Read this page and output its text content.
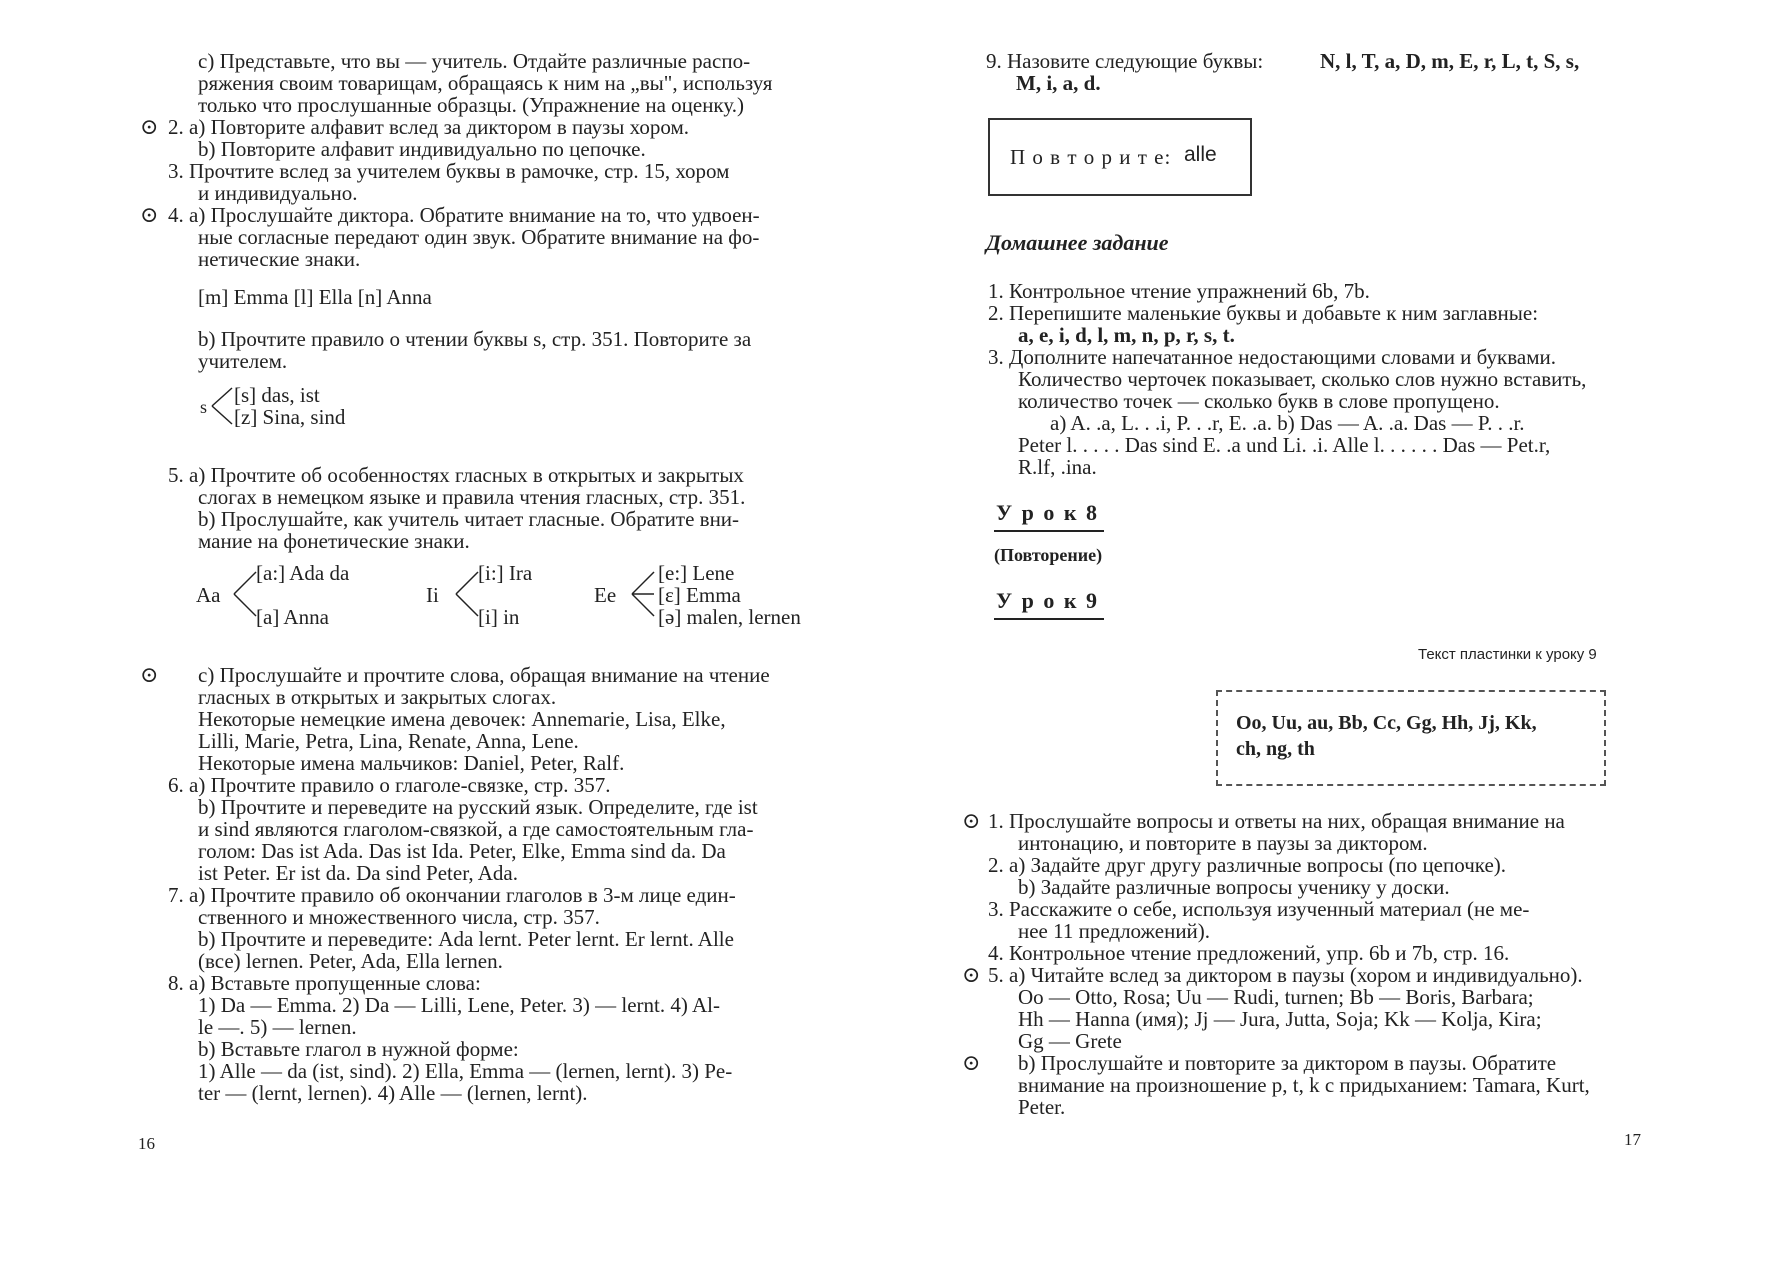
c) Представьте, что вы — учитель. Отдайте различные распо-
ряжения своим товарищам, обращаясь к ним на „вы", используя
только что прослушанные образцы. (Упражнение на оценку.)
⊙ 2. a) Повторите алфавит вслед за диктором в паузы хором.
b) Повторите алфавит индивидуально по цепочке.
3. Прочтите вслед за учителем буквы в рамочке, стр. 15, хором
и индивидуально.
⊙ 4. a) Прослушайте диктора. Обратите внимание на то, что удвоен-
ные согласные передают один звук. Обратите внимание на фо-
нетические знаки.
[m] Emma [l] Ella [n] Anna
b) Прочтите правило о чтении буквы s, стр. 351. Повторите за
учителем.
s [s] das, ist
[z] Sina, sind
5. a) Прочтите об особенностях гласных в открытых и закрытых
слогах в немецком языке и правила чтения гласных, стр. 351.
b) Прослушайте, как учитель читает гласные. Обратите вни-
мание на фонетические знаки.
Aa
[a:] Ada da
[a] Anna
Ii
[i:] Ira
[i] in
Ee
[e:] Lene
[ɛ] Emma
[ə] malen, lernen
⊙ c) Прослушайте и прочтите слова, обращая внимание на чтение
гласных в открытых и закрытых слогах.
Некоторые немецкие имена девочек: Annemarie, Lisa, Elke,
Lilli, Marie, Petra, Lina, Renate, Anna, Lene.
Некоторые имена мальчиков: Daniel, Peter, Ralf.
6. a) Прочтите правило о глаголе-связке, стр. 357.
b) Прочтите и переведите на русский язык. Определите, где ist
и sind являются глаголом-связкой, а где самостоятельным гла-
голом: Das ist Ada. Das ist Ida. Peter, Elke, Emma sind da. Da
ist Peter. Er ist da. Da sind Peter, Ada.
7. a) Прочтите правило об окончании глаголов в 3-м лице един-
ственного и множественного числа, стр. 357.
b) Прочтите и переведите: Ada lernt. Peter lernt. Er lernt. Alle
(все) lernen. Peter, Ada, Ella lernen.
8. a) Вставьте пропущенные слова:
1) Da — Emma. 2) Da — Lilli, Lene, Peter. 3) — lernt. 4) Al-
le —. 5) — lernen.
b) Вставьте глагол в нужной форме:
1) Alle — da (ist, sind). 2) Ella, Emma — (lernen, lernt). 3) Pe-
ter — (lernt, lernen). 4) Alle — (lernen, lernt).
16
9. Назовите следующие буквы:	N, l, T, a, D, m, E, r, L, t, S, s,
M, i, a, d.
П о в т о р и т е: alle
Домашнее задание
1. Контрольное чтение упражнений 6b, 7b.
2. Перепишите маленькие буквы и добавьте к ним заглавные:
a, e, i, d, l, m, n, p, r, s, t.
3. Дополните напечатанное недостающими словами и буквами.
Количество черточек показывает, сколько слов нужно вставить,
количество точек — сколько букв в слове пропущено.
a) A. .a, L. . .i, P. . .r, E. .a. b) Das — A. .a. Das — P. . .r.
Peter l. . . . . Das sind E. .a und Li. .i. Alle l. . . . . . Das — Pet.r,
R.lf, .ina.
У р о к 8
(Повторение)
У р о к 9
Текст пластинки к уроку 9
Oo, Uu, au, Bb, Cc, Gg, Hh, Jj, Kk,
ch, ng, th
⊙ 1. Прослушайте вопросы и ответы на них, обращая внимание на
интонацию, и повторите в паузы за диктором.
2. a) Задайте друг другу различные вопросы (по цепочке).
b) Задайте различные вопросы ученику у доски.
3. Расскажите о себе, используя изученный материал (не ме-
нее 11 предложений).
4. Контрольное чтение предложений, упр. 6b и 7b, стр. 16.
⊙ 5. a) Читайте вслед за диктором в паузы (хором и индивидуально).
Oo — Otto, Rosa; Uu — Rudi, turnen; Bb — Boris, Barbara;
Hh — Hanna (имя); Jj — Jura, Jutta, Soja; Kk — Kolja, Kira;
Gg — Grete
⊙ b) Прослушайте и повторите за диктором в паузы. Обратите
внимание на произношение p, t, k с придыханием: Tamara, Kurt,
Peter.
17
